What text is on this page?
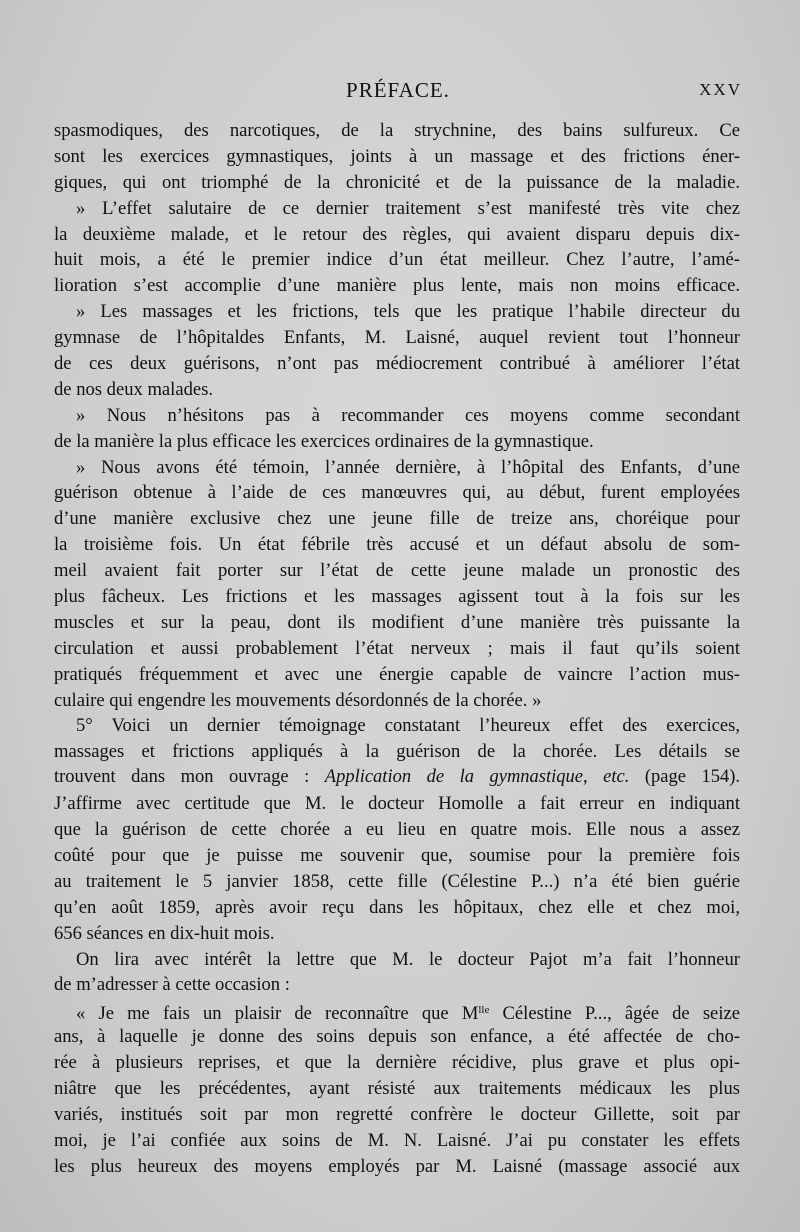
PRÉFACE.	XXV
spasmodiques, des narcotiques, de la strychnine, des bains sulfureux. Ce
sont les exercices gymnastiques, joints à un massage et des frictions éner-
giques, qui ont triomphé de la chronicité et de la puissance de la maladie.
» L’effet salutaire de ce dernier traitement s’est manifesté très vite chez
la deuxième malade, et le retour des règles, qui avaient disparu depuis dix-
huit mois, a été le premier indice d’un état meilleur. Chez l’autre, l’amé-
lioration s’est accomplie d’une manière plus lente, mais non moins efficace.
» Les massages et les frictions, tels que les pratique l’habile directeur du
gymnase de l’hôpitaldes Enfants, M. Laisné, auquel revient tout l’honneur
de ces deux guérisons, n’ont pas médiocrement contribué à améliorer l’état
de nos deux malades.
» Nous n’hésitons pas à recommander ces moyens comme secondant
de la manière la plus efficace les exercices ordinaires de la gymnastique.
» Nous avons été témoin, l’année dernière, à l’hôpital des Enfants, d’une
guérison obtenue à l’aide de ces manœuvres qui, au début, furent employées
d’une manière exclusive chez une jeune fille de treize ans, choréique pour
la troisième fois. Un état fébrile très accusé et un défaut absolu de som-
meil avaient fait porter sur l’état de cette jeune malade un pronostic des
plus fâcheux. Les frictions et les massages agissent tout à la fois sur les
muscles et sur la peau, dont ils modifient d’une manière très puissante la
circulation et aussi probablement l’état nerveux ; mais il faut qu’ils soient
pratiqués fréquemment et avec une énergie capable de vaincre l’action mus-
culaire qui engendre les mouvements désordonnés de la chorée. »
5° Voici un dernier témoignage constatant l’heureux effet des exercices,
massages et frictions appliqués à la guérison de la chorée. Les détails se
trouvent dans mon ouvrage : Application de la gymnastique, etc. (page 154).
J’affirme avec certitude que M. le docteur Homolle a fait erreur en indiquant
que la guérison de cette chorée a eu lieu en quatre mois. Elle nous a assez
coûté pour que je puisse me souvenir que, soumise pour la première fois
au traitement le 5 janvier 1858, cette fille (Célestine P...) n’a été bien guérie
qu’en août 1859, après avoir reçu dans les hôpitaux, chez elle et chez moi,
656 séances en dix-huit mois.
On lira avec intérêt la lettre que M. le docteur Pajot m’a fait l’honneur
de m’adresser à cette occasion :
« Je me fais un plaisir de reconnaître que $M^{lle}$ Célestine P..., âgée de seize
ans, à laquelle je donne des soins depuis son enfance, a été affectée de cho-
rée à plusieurs reprises, et que la dernière récidive, plus grave et plus opi-
niâtre que les précédentes, ayant résisté aux traitements médicaux les plus
variés, institués soit par mon regretté confrère le docteur Gillette, soit par
moi, je l’ai confiée aux soins de M. N. Laisné. J’ai pu constater les effets
les plus heureux des moyens employés par M. Laisné (massage associé aux
